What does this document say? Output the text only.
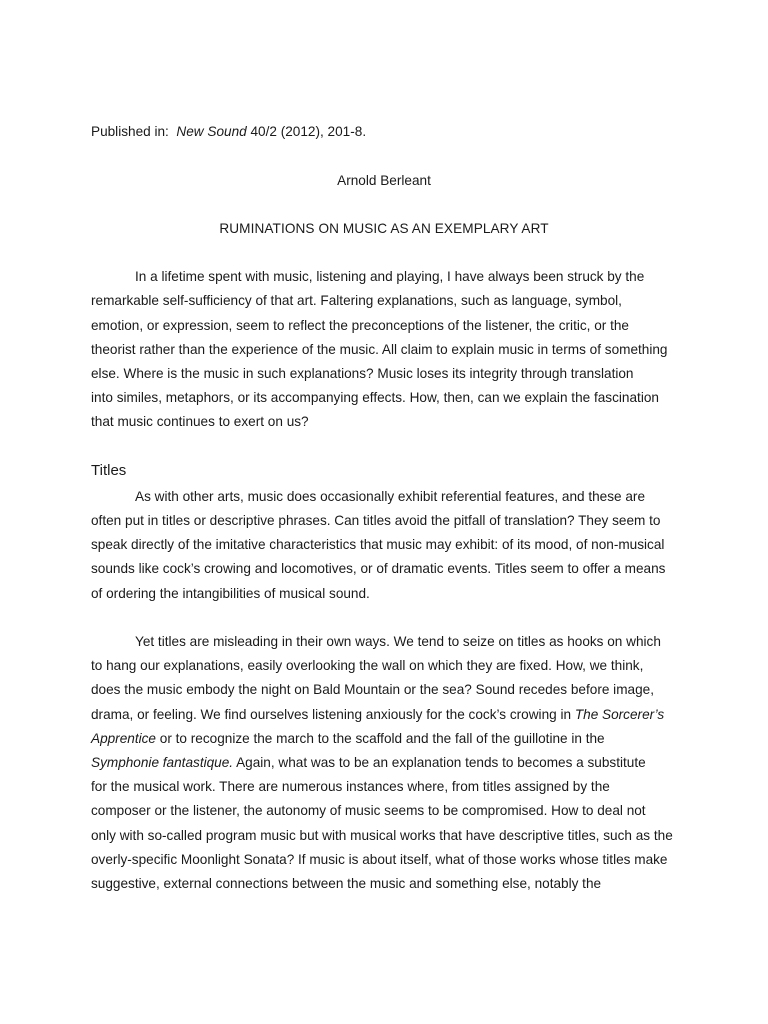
Published in: New Sound 40/2 (2012), 201-8.
Arnold Berleant
RUMINATIONS ON MUSIC AS AN EXEMPLARY ART
In a lifetime spent with music, listening and playing, I have always been struck by the
remarkable self-sufficiency of that art. Faltering explanations, such as language, symbol,
emotion, or expression, seem to reflect the preconceptions of the listener, the critic, or the
theorist rather than the experience of the music. All claim to explain music in terms of something
else. Where is the music in such explanations? Music loses its integrity through translation
into similes, metaphors, or its accompanying effects. How, then, can we explain the fascination
that music continues to exert on us?
Titles
As with other arts, music does occasionally exhibit referential features, and these are
often put in titles or descriptive phrases. Can titles avoid the pitfall of translation? They seem to
speak directly of the imitative characteristics that music may exhibit: of its mood, of non-musical
sounds like cock’s crowing and locomotives, or of dramatic events. Titles seem to offer a means
of ordering the intangibilities of musical sound.
Yet titles are misleading in their own ways. We tend to seize on titles as hooks on which
to hang our explanations, easily overlooking the wall on which they are fixed. How, we think,
does the music embody the night on Bald Mountain or the sea? Sound recedes before image,
drama, or feeling. We find ourselves listening anxiously for the cock’s crowing in The Sorcerer’s
Apprentice or to recognize the march to the scaffold and the fall of the guillotine in the
Symphonie fantastique. Again, what was to be an explanation tends to becomes a substitute
for the musical work. There are numerous instances where, from titles assigned by the
composer or the listener, the autonomy of music seems to be compromised. How to deal not
only with so-called program music but with musical works that have descriptive titles, such as the
overly-specific Moonlight Sonata? If music is about itself, what of those works whose titles make
suggestive, external connections between the music and something else, notably the
